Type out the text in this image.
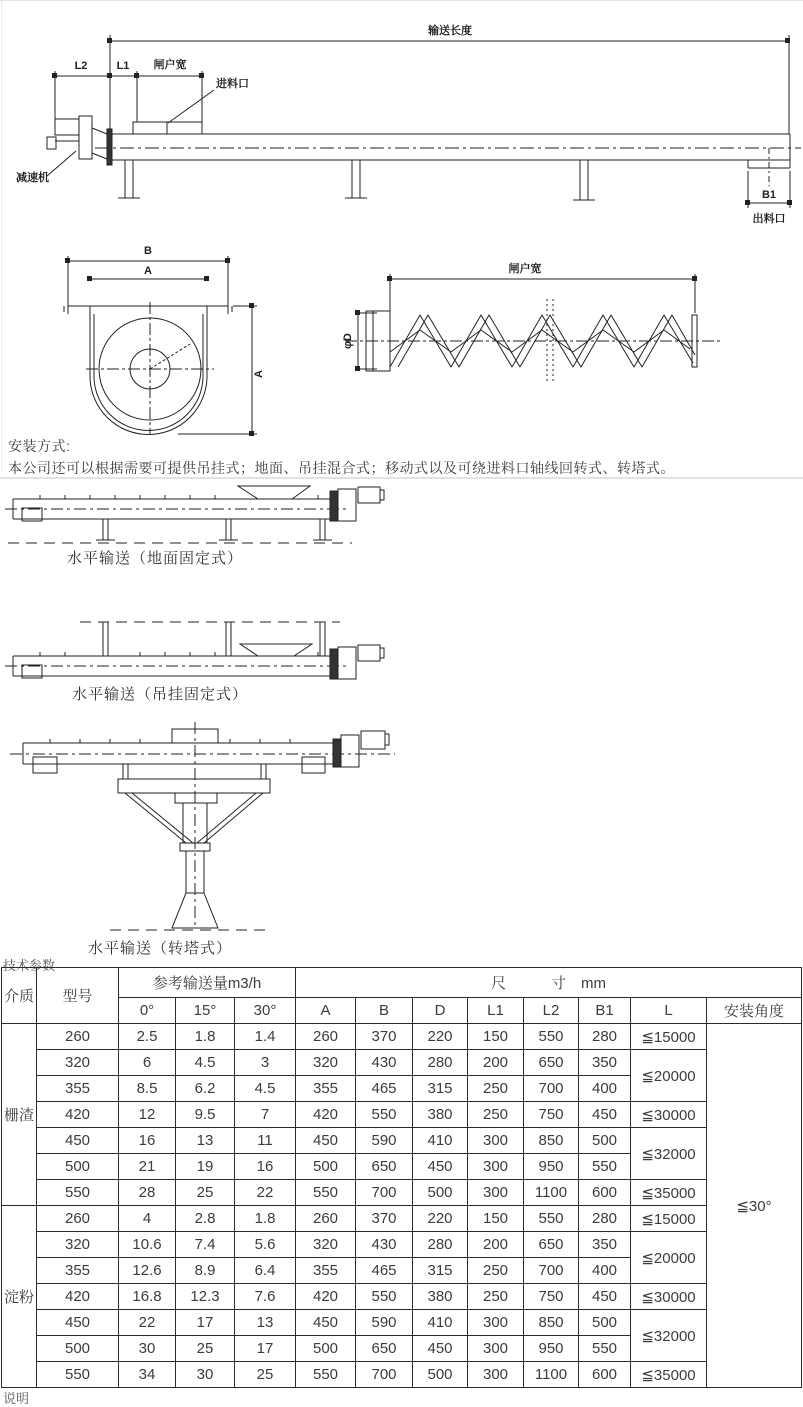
输送长度
L2	L1 闸户宽
进料口
减速机
B1
出料口
B
A
A
闸户宽
φD
安装方式:
本公司还可以根据需要可提供吊挂式；地面、吊挂混合式；移动式以及可绕进料口轴线回转式、转塔式。
水平输送（地面固定式）
水平输送（吊挂固定式）
水平输送（转塔式）
技术参数
介质	型号	参考输送量m3/h			尺　　　寸　mm							
		0°	15°	30°	A	B	D	L1	L2	B1	L	安装角度
栅渣	260	2.5	1.8	1.4	260	370	220	150	550	280	≦15000	≦30°
	320	6	4.5	3	320	430	280	200	650	350	≦20000	
	355	8.5	6.2	4.5	355	465	315	250	700	400		
	420	12	9.5	7	420	550	380	250	750	450	≦30000	
	450	16	13	11	450	590	410	300	850	500	≦32000	
	500	21	19	16	500	650	450	300	950	550		
	550	28	25	22	550	700	500	300	1100	600	≦35000	
淀粉	260	4	2.8	1.8	260	370	220	150	550	280	≦15000	
	320	10.6	7.4	5.6	320	430	280	200	650	350	≦20000	
	355	12.6	8.9	6.4	355	465	315	250	700	400		
	420	16.8	12.3	7.6	420	550	380	250	750	450	≦30000	
	450	22	17	13	450	590	410	300	850	500	≦32000	
	500	30	25	17	500	650	450	300	950	550		
	550	34	30	25	550	700	500	300	1100	600	≦35000	
说明
